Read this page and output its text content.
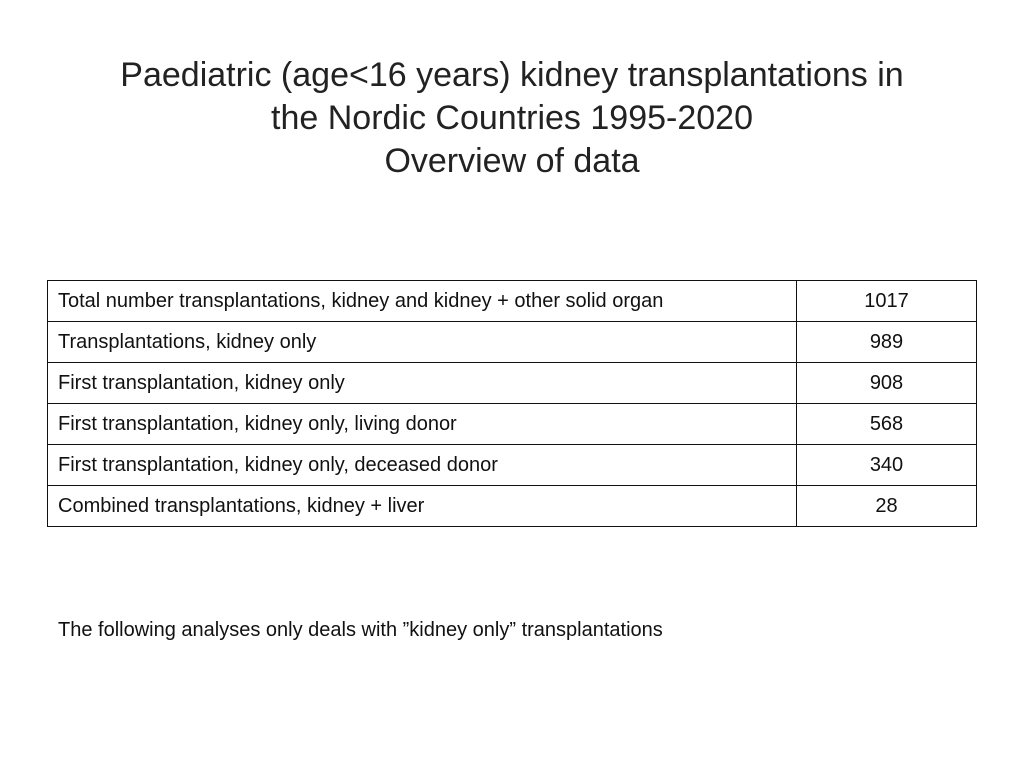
Paediatric (age<16 years) kidney transplantations in
the Nordic Countries 1995-2020
Overview of data
Total number transplantations, kidney and kidney + other solid organ	1017
Transplantations, kidney only	989
First transplantation, kidney only	908
First transplantation, kidney only, living donor	568
First transplantation, kidney only, deceased donor	340
Combined transplantations, kidney + liver	28

The following analyses only deals with ”kidney only” transplantations
